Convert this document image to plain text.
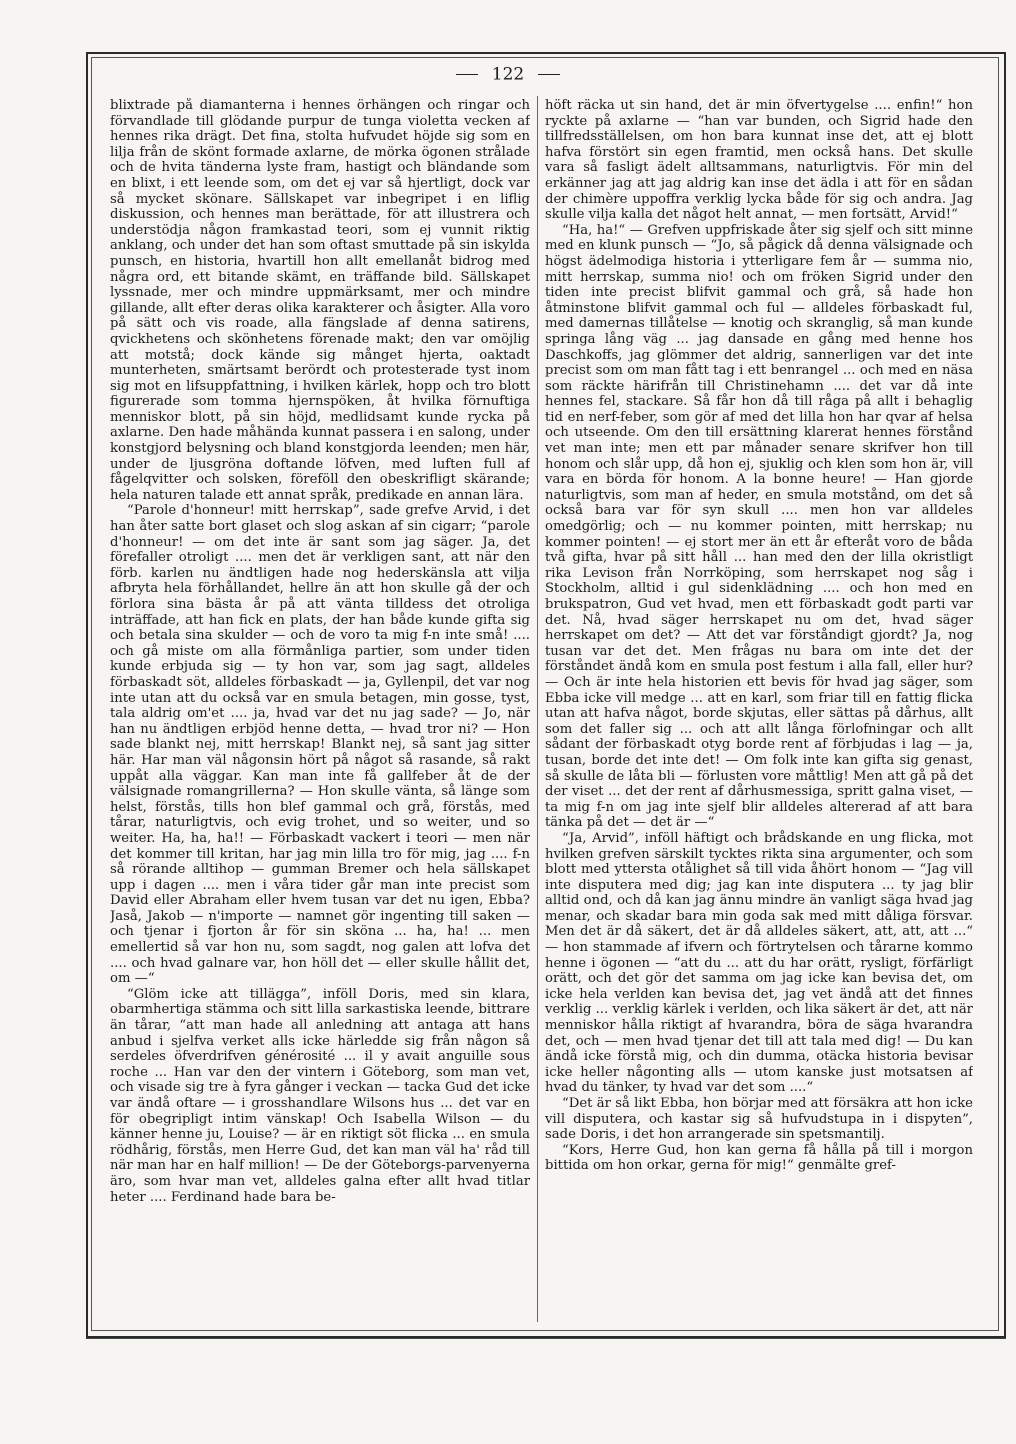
122

blixtrade på diamanterna i hennes örhängen och ringar och förvandlade till glödande purpur de tunga violetta vecken af hennes rika drägt. Det fina, stolta hufvudet höjde sig som en lilja från de skönt formade axlarne, de mörka ögonen strålade och de hvita tänderna lyste fram, hastigt och bländande som en blixt, i ett leende som, om det ej var så hjertligt, dock var så mycket skönare. Sällskapet var inbegripet i en liflig diskussion, och hennes man berättade, för att illustrera och understödja någon framkastad teori, som ej vunnit riktig anklang, och under det han som oftast smuttade på sin iskylda punsch, en historia, hvartill hon allt emellanåt bidrog med några ord, ett bitande skämt, en träffande bild. Sällskapet lyssnade, mer och mindre uppmärksamt, mer och mindre gillande, allt efter deras olika karakterer och åsigter. Alla voro på sätt och vis roade, alla fängslade af denna satirens, qvickhetens och skönhetens förenade makt; den var omöjlig att motstå; dock kände sig månget hjerta, oaktadt munterheten, smärtsamt berördt och protesterade tyst inom sig mot en lifsuppfattning, i hvilken kärlek, hopp och tro blott figurerade som tomma hjernspöken, åt hvilka förnuftiga menniskor blott, på sin höjd, medlidsamt kunde rycka på axlarne. Den hade måhända kunnat passera i en salong, under konstgjord belysning och bland konstgjorda leenden; men här, under de ljusgröna doftande löfven, med luften full af fågelqvitter och solsken, föreföll den obeskrifligt skärande; hela naturen talade ett annat språk, predikade en annan lära.

“Parole d'honneur! mitt herrskap”, sade grefve Arvid, i det han åter satte bort glaset och slog askan af sin cigarr; “parole d'honneur! — om det inte är sant som jag säger. Ja, det förefaller otroligt .... men det är verkligen sant, att när den förb. karlen nu ändtligen hade nog hederskänsla att vilja afbryta hela förhållandet, hellre än att hon skulle gå der och förlora sina bästa år på att vänta tilldess det otroliga inträffade, att han fick en plats, der han både kunde gifta sig och betala sina skulder — och de voro ta mig f-n inte små! .... och gå miste om alla förmånliga partier, som under tiden kunde erbjuda sig — ty hon var, som jag sagt, alldeles förbaskadt söt, alldeles förbaskadt — ja, Gyllenpil, det var nog inte utan att du också var en smula betagen, min gosse, tyst, tala aldrig om'et .... ja, hvad var det nu jag sade? — Jo, när han nu ändtligen erbjöd henne detta, — hvad tror ni? — Hon sade blankt nej, mitt herrskap! Blankt nej, så sant jag sitter här. Har man väl någonsin hört på något så rasande, så rakt uppåt alla väggar. Kan man inte få gallfeber åt de der välsignade romangrillerna? — Hon skulle vänta, så länge som helst, förstås, tills hon blef gammal och grå, förstås, med tårar, naturligtvis, och evig trohet, und so weiter, und so weiter. Ha, ha, ha!! — Förbaskadt vackert i teori — men när det kommer till kritan, har jag min lilla tro för mig, jag .... f-n så rörande alltihop — gumman Bremer och hela sällskapet upp i dagen .... men i våra tider går man inte precist som David eller Abraham eller hvem tusan var det nu igen, Ebba? Jaså, Jakob — n'importe — namnet gör ingenting till saken — och tjenar i fjorton år för sin sköna ... ha, ha! ... men emellertid så var hon nu, som sagdt, nog galen att lofva det .... och hvad galnare var, hon höll det — eller skulle hållit det, om —“

“Glöm icke att tillägga”, inföll Doris, med sin klara, obarmhertiga stämma och sitt lilla sarkastiska leende, bittrare än tårar, “att man hade all anledning att antaga att hans anbud i sjelfva verket alls icke härledde sig från någon så serdeles öfverdrifven générosité ... il y avait anguille sous roche ... Han var den der vintern i Göteborg, som man vet, och visade sig tre à fyra gånger i veckan — tacka Gud det icke var ändå oftare — i grosshandlare Wilsons hus ... det var en för obegripligt intim vänskap! Och Isabella Wilson — du känner henne ju, Louise? — är en riktigt söt flicka ... en smula rödhårig, förstås, men Herre Gud, det kan man väl ha' råd till när man har en half million! — De der Göteborgs-parvenyerna äro, som hvar man vet, alldeles galna efter allt hvad titlar heter .... Ferdinand hade bara be-

höft räcka ut sin hand, det är min öfvertygelse .... enfin!“ hon ryckte på axlarne — “han var bunden, och Sigrid hade den tillfredsställelsen, om hon bara kunnat inse det, att ej blott hafva förstört sin egen framtid, men också hans. Det skulle vara så fasligt ädelt alltsammans, naturligtvis. För min del erkänner jag att jag aldrig kan inse det ädla i att för en sådan der chimère uppoffra verklig lycka både för sig och andra. Jag skulle vilja kalla det något helt annat, — men fortsätt, Arvid!“

“Ha, ha!“ — Grefven uppfriskade åter sig sjelf och sitt minne med en klunk punsch — “Jo, så pågick då denna välsignade och högst ädelmodiga historia i ytterligare fem år — summa nio, mitt herrskap, summa nio! och om fröken Sigrid under den tiden inte precist blifvit gammal och grå, så hade hon åtminstone blifvit gammal och ful — alldeles förbaskadt ful, med damernas tillåtelse — knotig och skranglig, så man kunde springa lång väg ... jag dansade en gång med henne hos Daschkoffs, jag glömmer det aldrig, sannerligen var det inte precist som om man fått tag i ett benrangel ... och med en näsa som räckte härifrån till Christinehamn .... det var då inte hennes fel, stackare. Så får hon då till råga på allt i behaglig tid en nerf-feber, som gör af med det lilla hon har qvar af helsa och utseende. Om den till ersättning klarerat hennes förstånd vet man inte; men ett par månader senare skrifver hon till honom och slår upp, då hon ej, sjuklig och klen som hon är, vill vara en börda för honom. A la bonne heure! — Han gjorde naturligtvis, som man af heder, en smula motstånd, om det så också bara var för syn skull .... men hon var alldeles omedgörlig; och — nu kommer pointen, mitt herrskap; nu kommer pointen! — ej stort mer än ett år efteråt voro de båda två gifta, hvar på sitt håll ... han med den der lilla okristligt rika Levison från Norrköping, som herrskapet nog såg i Stockholm, alltid i gul sidenklädning .... och hon med en brukspatron, Gud vet hvad, men ett förbaskadt godt parti var det. Nå, hvad säger herrskapet nu om det, hvad säger herrskapet om det? — Att det var förståndigt gjordt? Ja, nog tusan var det det. Men frågas nu bara om inte det der förståndet ändå kom en smula post festum i alla fall, eller hur? — Och är inte hela historien ett bevis för hvad jag säger, som Ebba icke vill medge ... att en karl, som friar till en fattig flicka utan att hafva något, borde skjutas, eller sättas på dårhus, allt som det faller sig ... och att allt långa förlofningar och allt sådant der förbaskadt otyg borde rent af förbjudas i lag — ja, tusan, borde det inte det! — Om folk inte kan gifta sig genast, så skulle de låta bli — förlusten vore måttlig! Men att gå på det der viset ... det der rent af dårhusmessiga, spritt galna viset, — ta mig f-n om jag inte sjelf blir alldeles altererad af att bara tänka på det — det är —“

“Ja, Arvid”, inföll häftigt och brådskande en ung flicka, mot hvilken grefven särskilt tycktes rikta sina argumenter, och som blott med yttersta otålighet så till vida åhört honom — “Jag vill inte disputera med dig; jag kan inte disputera ... ty jag blir alltid ond, och då kan jag ännu mindre än vanligt säga hvad jag menar, och skadar bara min goda sak med mitt dåliga försvar. Men det är då säkert, det är då alldeles säkert, att, att, att ...“ — hon stammade af ifvern och förtrytelsen och tårarne kommo henne i ögonen — “att du ... att du har orätt, rysligt, förfärligt orätt, och det gör det samma om jag icke kan bevisa det, om icke hela verlden kan bevisa det, jag vet ändå att det finnes verklig ... verklig kärlek i verlden, och lika säkert är det, att när menniskor hålla riktigt af hvarandra, böra de säga hvarandra det, och — men hvad tjenar det till att tala med dig! — Du kan ändå icke förstå mig, och din dumma, otäcka historia bevisar icke heller någonting alls — utom kanske just motsatsen af hvad du tänker, ty hvad var det som ....“

“Det är så likt Ebba, hon börjar med att försäkra att hon icke vill disputera, och kastar sig så hufvudstupa in i dispyten”, sade Doris, i det hon arrangerade sin spetsmantilj.

“Kors, Herre Gud, hon kan gerna få hålla på till i morgon bittida om hon orkar, gerna för mig!“ genmälte gref-
